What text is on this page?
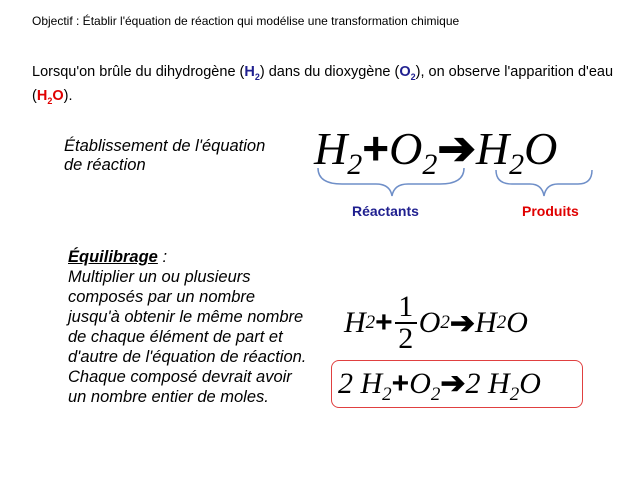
Objectif : Établir l'équation de réaction qui modélise une transformation chimique
Lorsqu'on brûle du dihydrogène $(H_2)$ dans du dioxygène $(O_2)$, on observe l'apparition d'eau $(H_2O)$.
Établissement de l'équation de réaction	$H_2+O_2➔H_2O$
Réactants	Produits
Équilibrage :
Multiplier un ou plusieurs composés par un nombre jusqu'à obtenir le même nombre de chaque élément de part et d'autre de l'équation de réaction. Chaque composé devrait avoir un nombre entier de moles.
H $2 + \frac{1}{2}$ O 2 ➔ H 2 O
2 $H_2+O_2➔2$ $H_2O$
